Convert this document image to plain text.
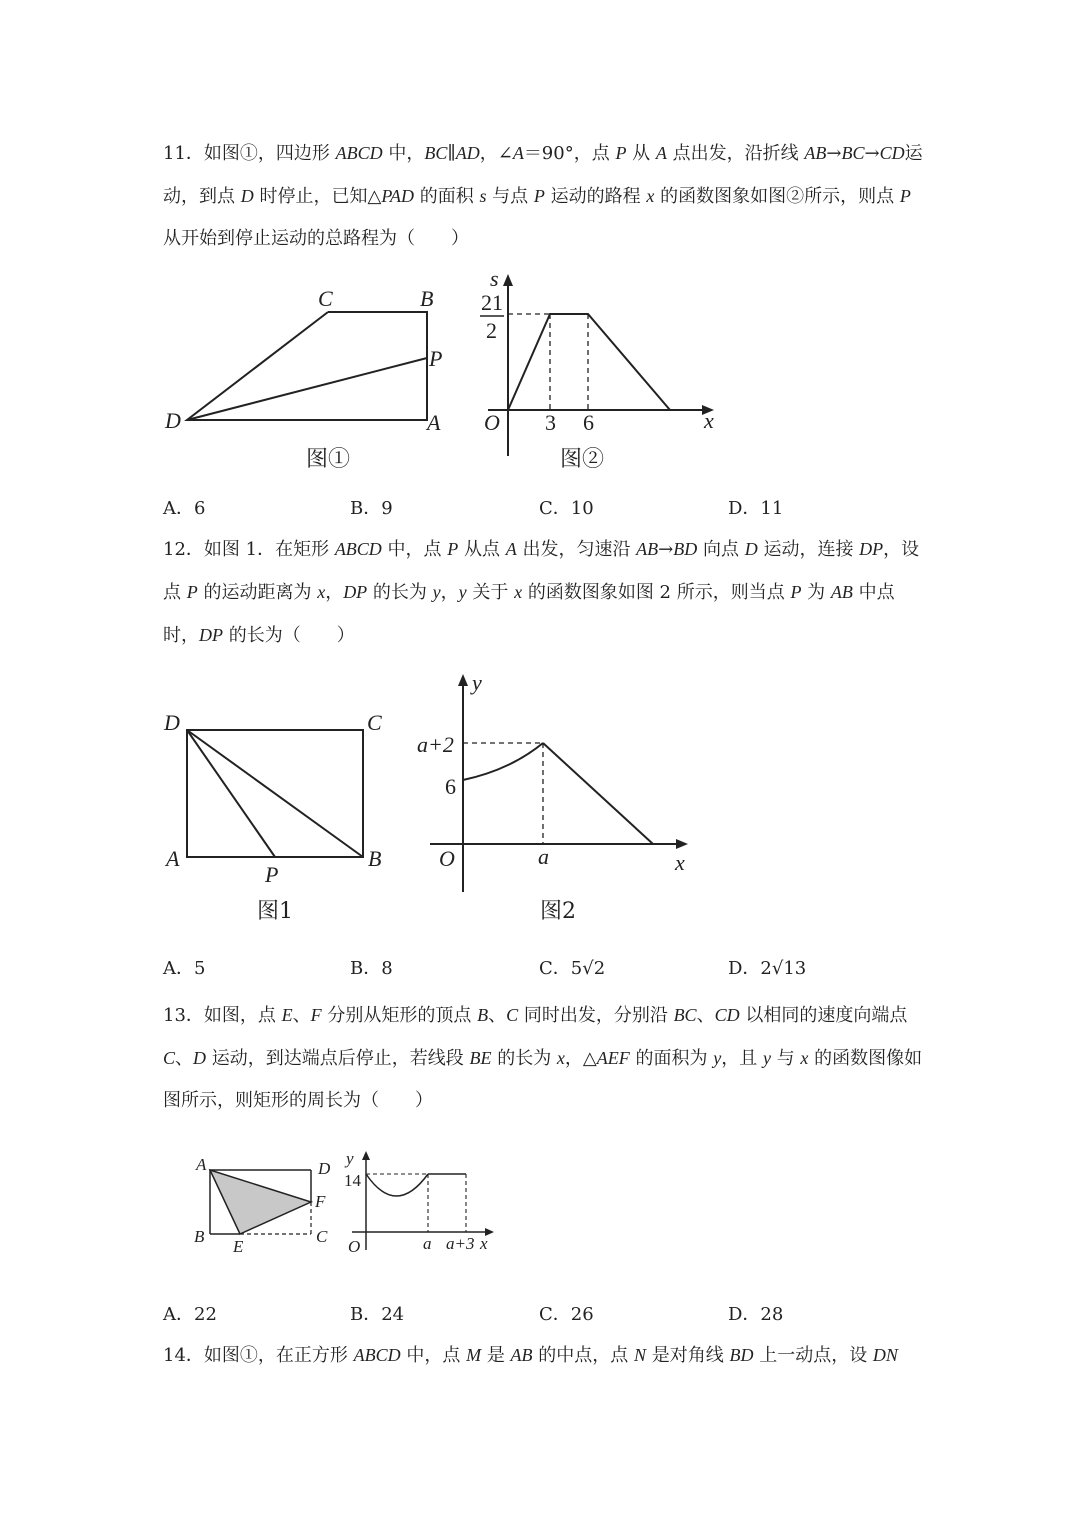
11．如图①，四边形 ABCD 中，BC∥AD，∠A＝90°，点 P 从 A 点出发，沿折线 AB→BC→CD运动，到点 D 时停止，已知△PAD 的面积 s 与点 P 运动的路程 x 的函数图象如图②所示，则点 P 从开始到停止运动的总路程为（　　）

C	B
P
D	A
图①
s
21
2
O 3 6	x
图②
A．6	B．9	C．10	D．11

12．如图 1．在矩形 ABCD 中，点 P 从点 A 出发，匀速沿 AB→BD 向点 D 运动，连接 DP，设点 P 的运动距离为 x，DP 的长为 y，y 关于 x 的函数图象如图 2 所示，则当点 P 为 AB 中点时，DP 的长为（　　）

D	C
A	B
P
图1
y
a+2
6
O	a	x
图2
A．5	B．8	C．5√2	D．2√13

13．如图，点 E、F 分别从矩形的顶点 B、C 同时出发，分别沿 BC、CD 以相同的速度向端点 C、D 运动，到达端点后停止，若线段 BE 的长为 x，△AEF 的面积为 y，且 y 与 x 的函数图像如图所示，则矩形的周长为（　　）

A	D
F
B
E
C
y
14
O	a a+3 x
A．22	B．24	C．26	D．28

14．如图①，在正方形 ABCD 中，点 M 是 AB 的中点，点 N 是对角线 BD 上一动点，设 DN
